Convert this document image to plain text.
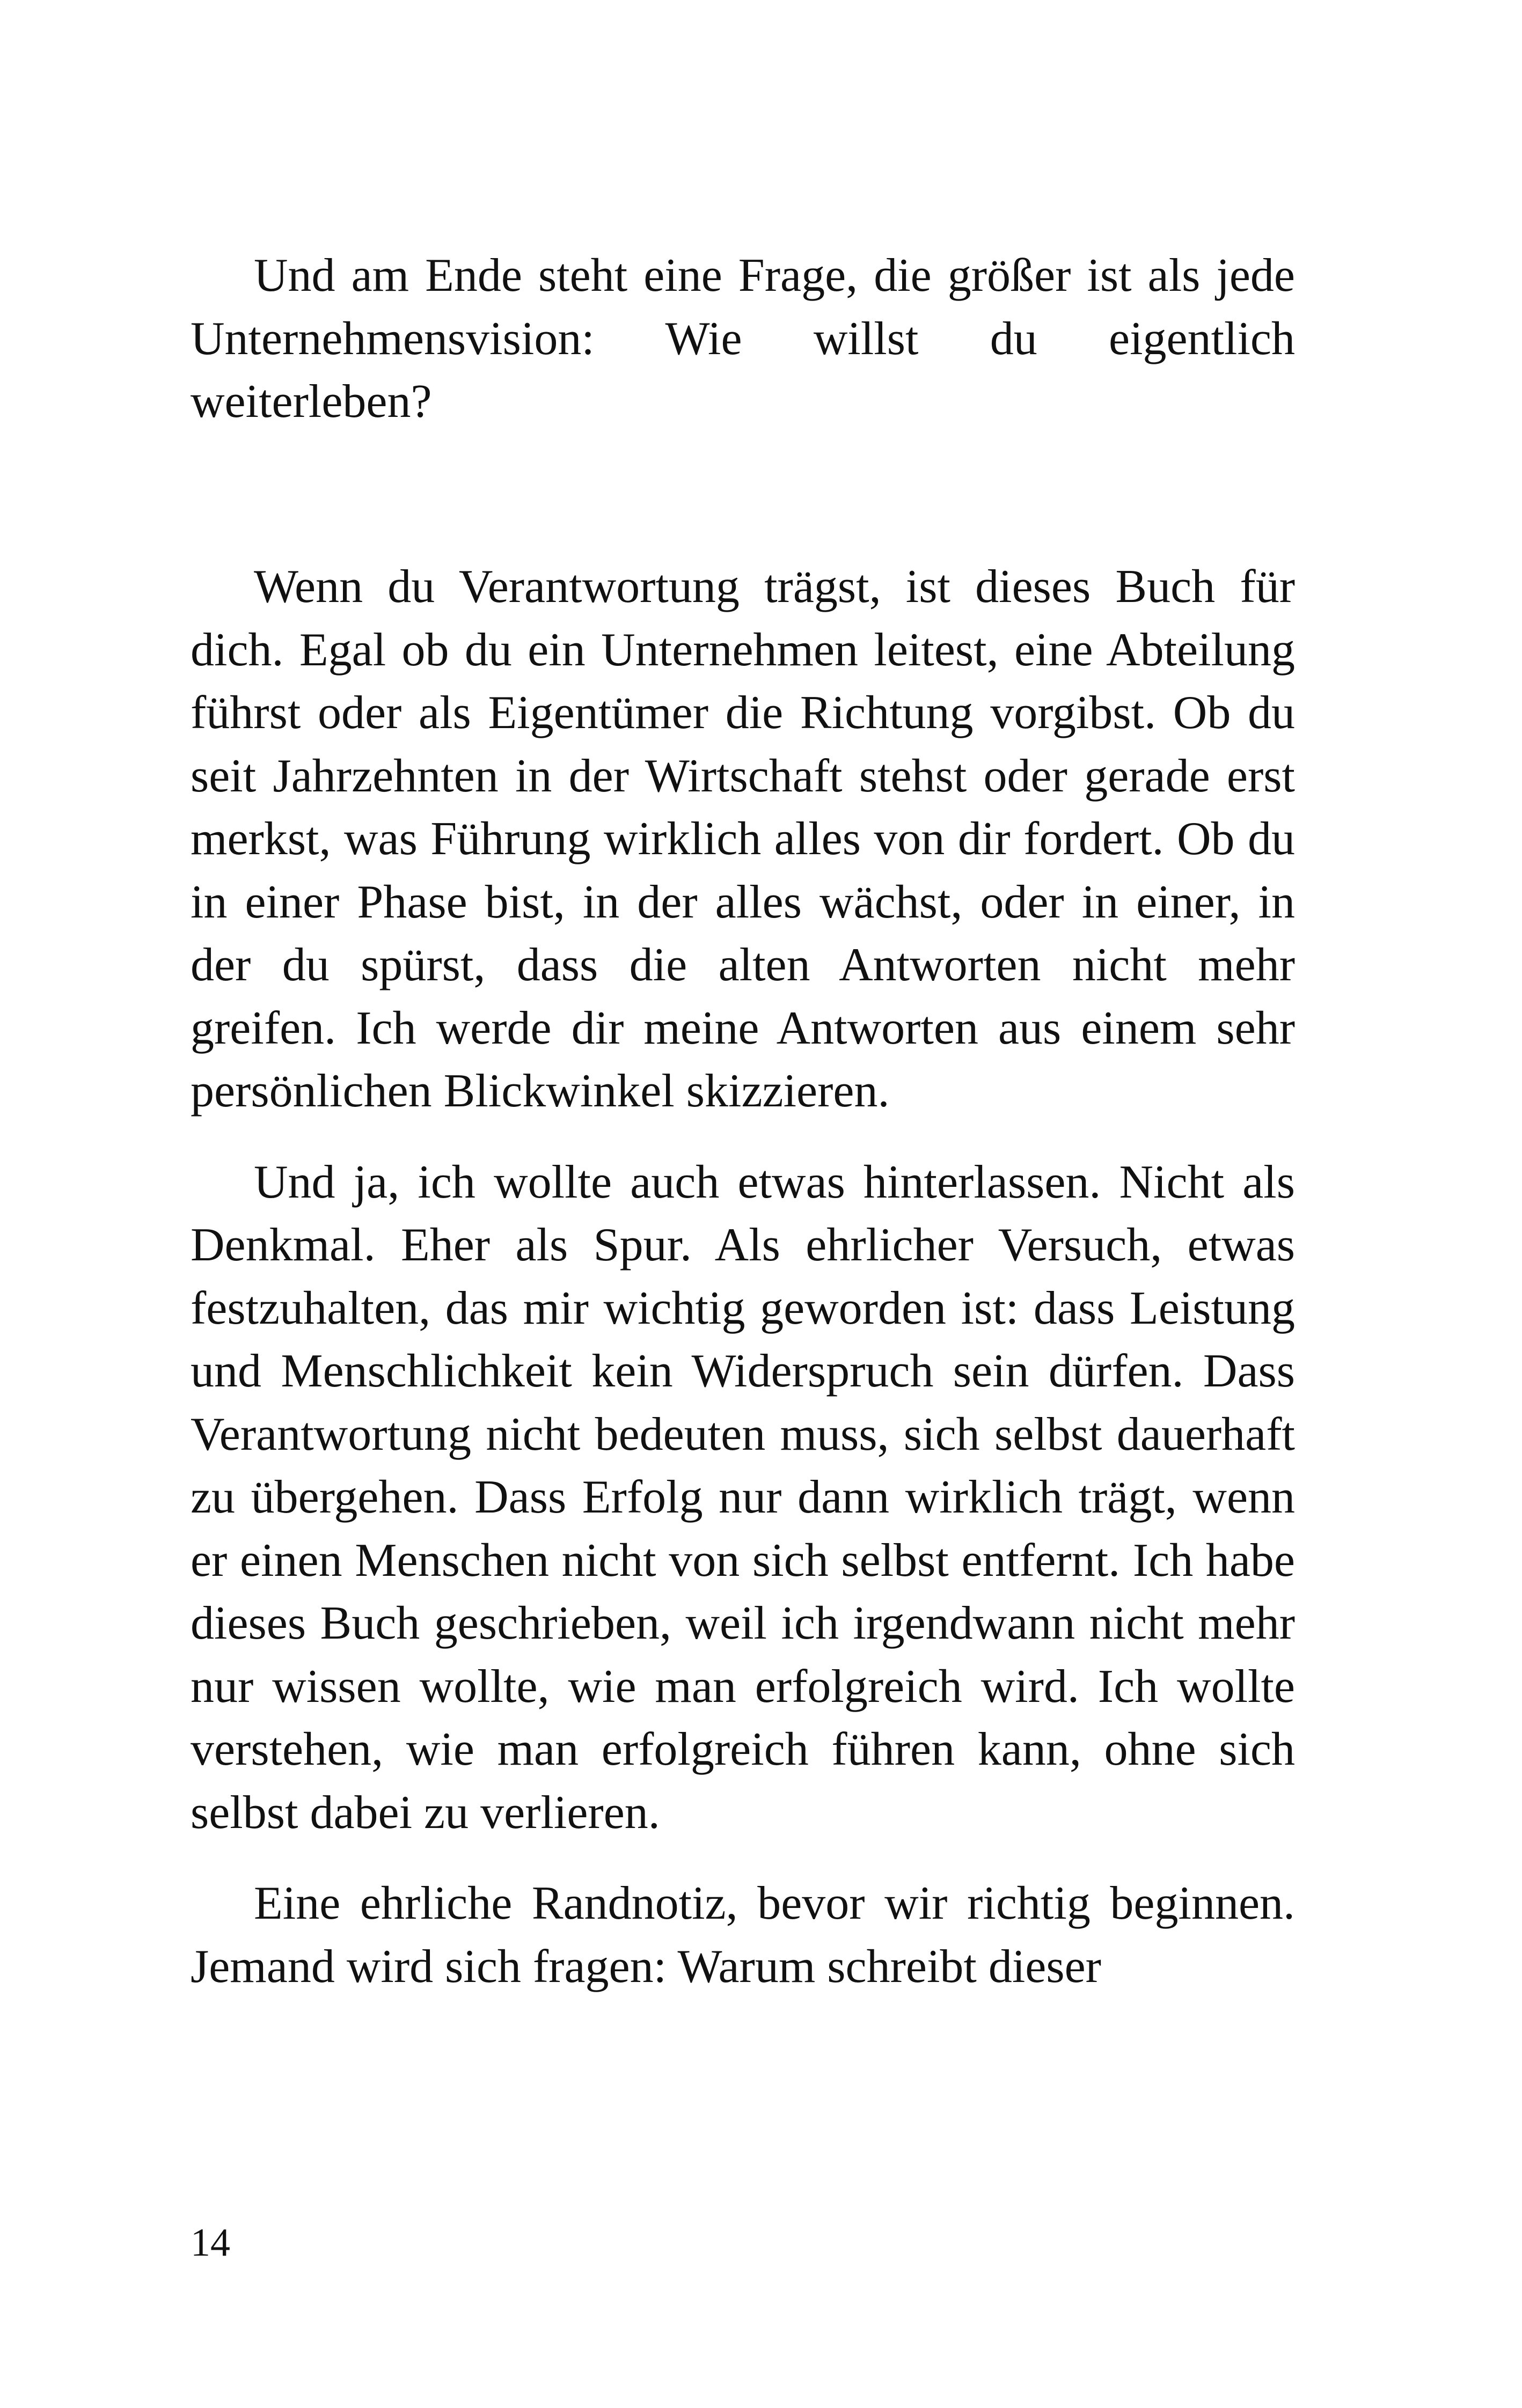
Und am Ende steht eine Frage, die größer ist als jede Unternehmensvision: Wie willst du eigentlich weiterleben?

Wenn du Verantwortung trägst, ist dieses Buch für dich. Egal ob du ein Unternehmen leitest, eine Abteilung führst oder als Eigentümer die Richtung vorgibst. Ob du seit Jahrzehnten in der Wirtschaft stehst oder gerade erst merkst, was Führung wirklich alles von dir fordert. Ob du in einer Phase bist, in der alles wächst, oder in einer, in der du spürst, dass die alten Antworten nicht mehr greifen. Ich werde dir meine Antworten aus einem sehr persönlichen Blickwinkel skizzieren.

Und ja, ich wollte auch etwas hinterlassen. Nicht als Denkmal. Eher als Spur. Als ehrlicher Versuch, etwas festzuhalten, das mir wichtig geworden ist: dass Leistung und Menschlichkeit kein Widerspruch sein dürfen. Dass Verantwortung nicht bedeuten muss, sich selbst dauerhaft zu übergehen. Dass Erfolg nur dann wirklich trägt, wenn er einen Menschen nicht von sich selbst entfernt. Ich habe dieses Buch geschrieben, weil ich irgendwann nicht mehr nur wissen wollte, wie man erfolgreich wird. Ich wollte verstehen, wie man erfolgreich führen kann, ohne sich selbst dabei zu verlieren.

Eine ehrliche Randnotiz, bevor wir richtig beginnen. Jemand wird sich fragen: Warum schreibt dieser

14
